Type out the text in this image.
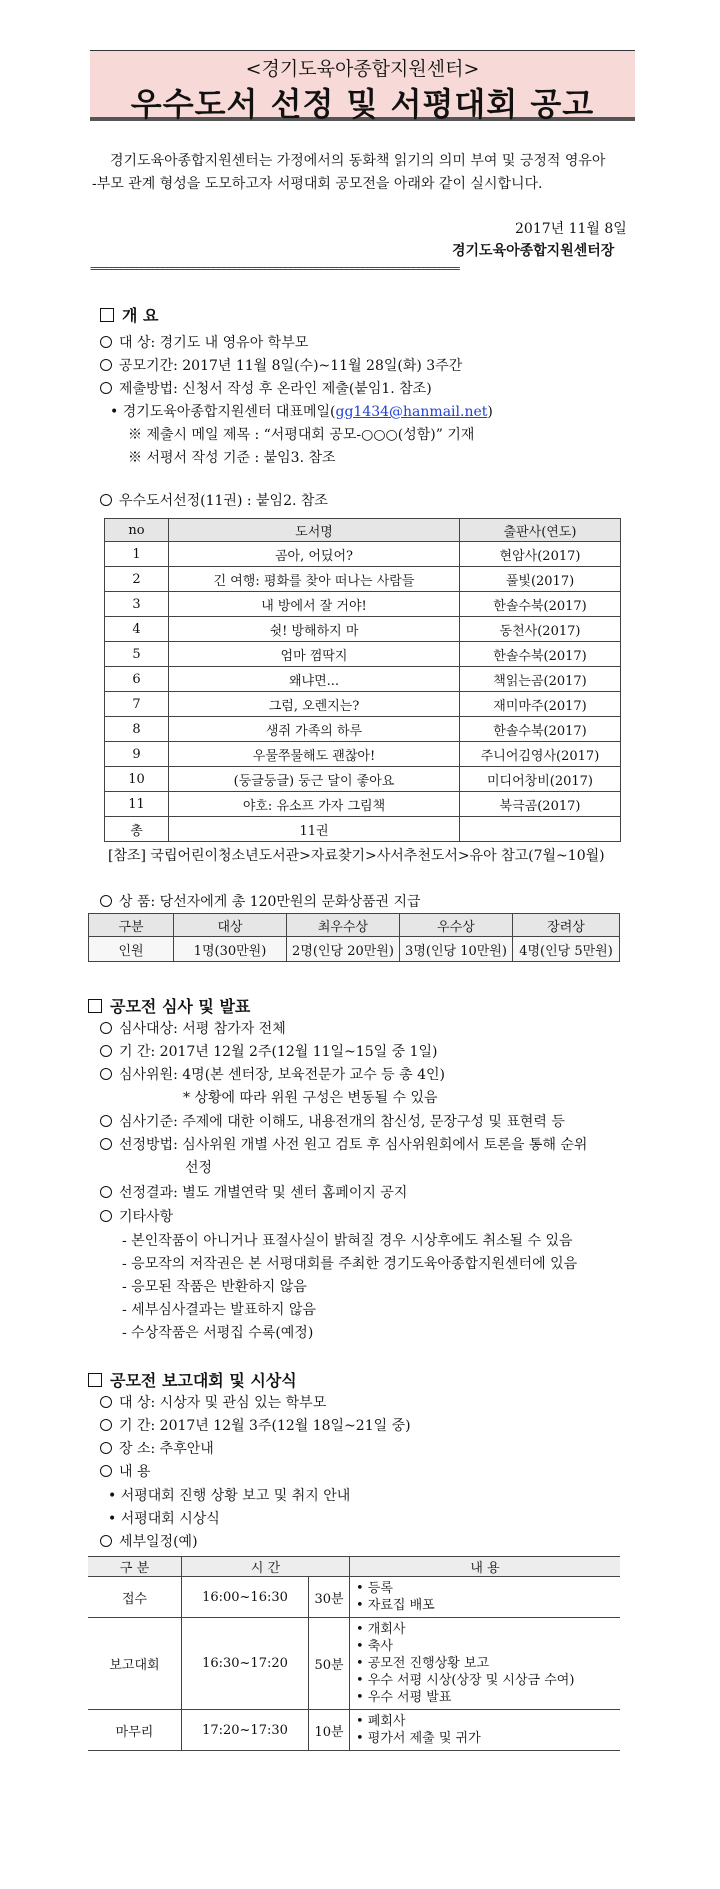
<경기도육아종합지원센터>
우수도서 선정 및 서평대회 공고
경기도육아종합지원센터는 가정에서의 동화책 읽기의 의미 부여 및 긍정적 영유아
-부모 관계 형성을 도모하고자 서평대회 공모전을 아래와 같이 실시합니다.
2017년 11월 8일
경기도육아종합지원센터장
========================================================================
개 요
대 상: 경기도 내 영유아 학부모
공모기간: 2017년 11월 8일(수)~11월 28일(화) 3주간
제출방법: 신청서 작성 후 온라인 제출(붙임1. 참조)
• 경기도육아종합지원센터 대표메일(gg1434@hanmail.net)
※ 제출시 메일 제목 : “서평대회 공모-○○○(성함)” 기재
※ 서평서 작성 기준 : 붙임3. 참조
우수도서선정(11권) : 붙임2. 참조
no	도서명	출판사(연도)
1	곰아, 어딨어?	현암사(2017)
2	긴 여행: 평화를 찾아 떠나는 사람들	풀빛(2017)
3	내 방에서 잘 거야!	한솔수북(2017)
4	쉿! 방해하지 마	동천사(2017)
5	엄마 껌딱지	한솔수북(2017)
6	왜냐면...	책읽는곰(2017)
7	그럼, 오렌지는?	재미마주(2017)
8	생쥐 가족의 하루	한솔수북(2017)
9	우물쭈물해도 괜찮아!	주니어김영사(2017)
10	(둥글둥글) 둥근 달이 좋아요	미디어창비(2017)
11	야호: 유소프 가자 그림책	북극곰(2017)
총	11권	
[참조] 국립어린이청소년도서관>자료찾기>사서추천도서>유아 참고(7월~10월)
상 품: 당선자에게 총 120만원의 문화상품권 지급
구분	대상	최우수상	우수상	장려상
인원	1명(30만원)	2명(인당 20만원)	3명(인당 10만원)	4명(인당 5만원)
공모전 심사 및 발표
심사대상: 서평 참가자 전체
기 간: 2017년 12월 2주(12월 11일~15일 중 1일)
심사위원: 4명(본 센터장, 보육전문가 교수 등 총 4인)
* 상황에 따라 위원 구성은 변동될 수 있음
심사기준: 주제에 대한 이해도, 내용전개의 참신성, 문장구성 및 표현력 등
선정방법: 심사위원 개별 사전 원고 검토 후 심사위원회에서 토론을 통해 순위
선정
선정결과: 별도 개별연락 및 센터 홈페이지 공지
기타사항
- 본인작품이 아니거나 표절사실이 밝혀질 경우 시상후에도 취소될 수 있음
- 응모작의 저작권은 본 서평대회를 주최한 경기도육아종합지원센터에 있음
- 응모된 작품은 반환하지 않음
- 세부심사결과는 발표하지 않음
- 수상작품은 서평집 수록(예정)
공모전 보고대회 및 시상식
대 상: 시상자 및 관심 있는 학부모
기 간: 2017년 12월 3주(12월 18일~21일 중)
장 소: 추후안내
내 용
• 서평대회 진행 상황 보고 및 취지 안내
• 서평대회 시상식
세부일정(예)
구 분	시 간		내 용
접수	16:00~16:30	30분	• 등록
• 자료집 배포

보고대회	16:30~17:20	50분	• 개회사
• 축사
• 공모전 진행상황 보고
• 우수 서평 시상(상장 및 시상금 수여)
• 우수 서평 발표

마무리	17:20~17:30	10분	• 폐회사
• 평가서 제출 및 귀가
